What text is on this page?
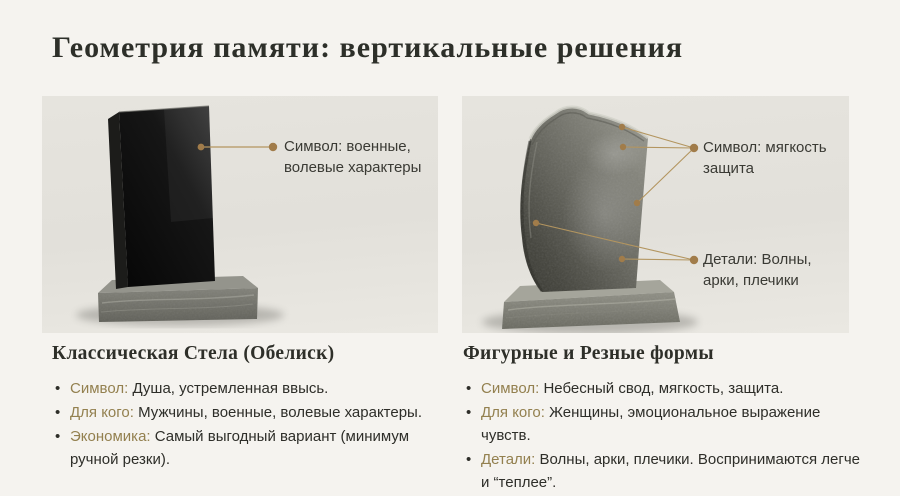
Геометрия памяти: вертикальные решения
Символ: военные,
волевые характеры
Символ: мягкость
защита
Детали: Волны,
арки, плечики
Классическая Стела (Обелиск)
• Символ: Душа, устремленная ввысь.
• Для кого: Мужчины, военные, волевые характеры.
• Экономика: Самый выгодный вариант (минимум ручной резки).
Фигурные и Резные формы
• Символ: Небесный свод, мягкость, защита.
• Для кого: Женщины, эмоциональное выражение чувств.
• Детали: Волны, арки, плечики. Воспринимаются легче и “теплее”.
